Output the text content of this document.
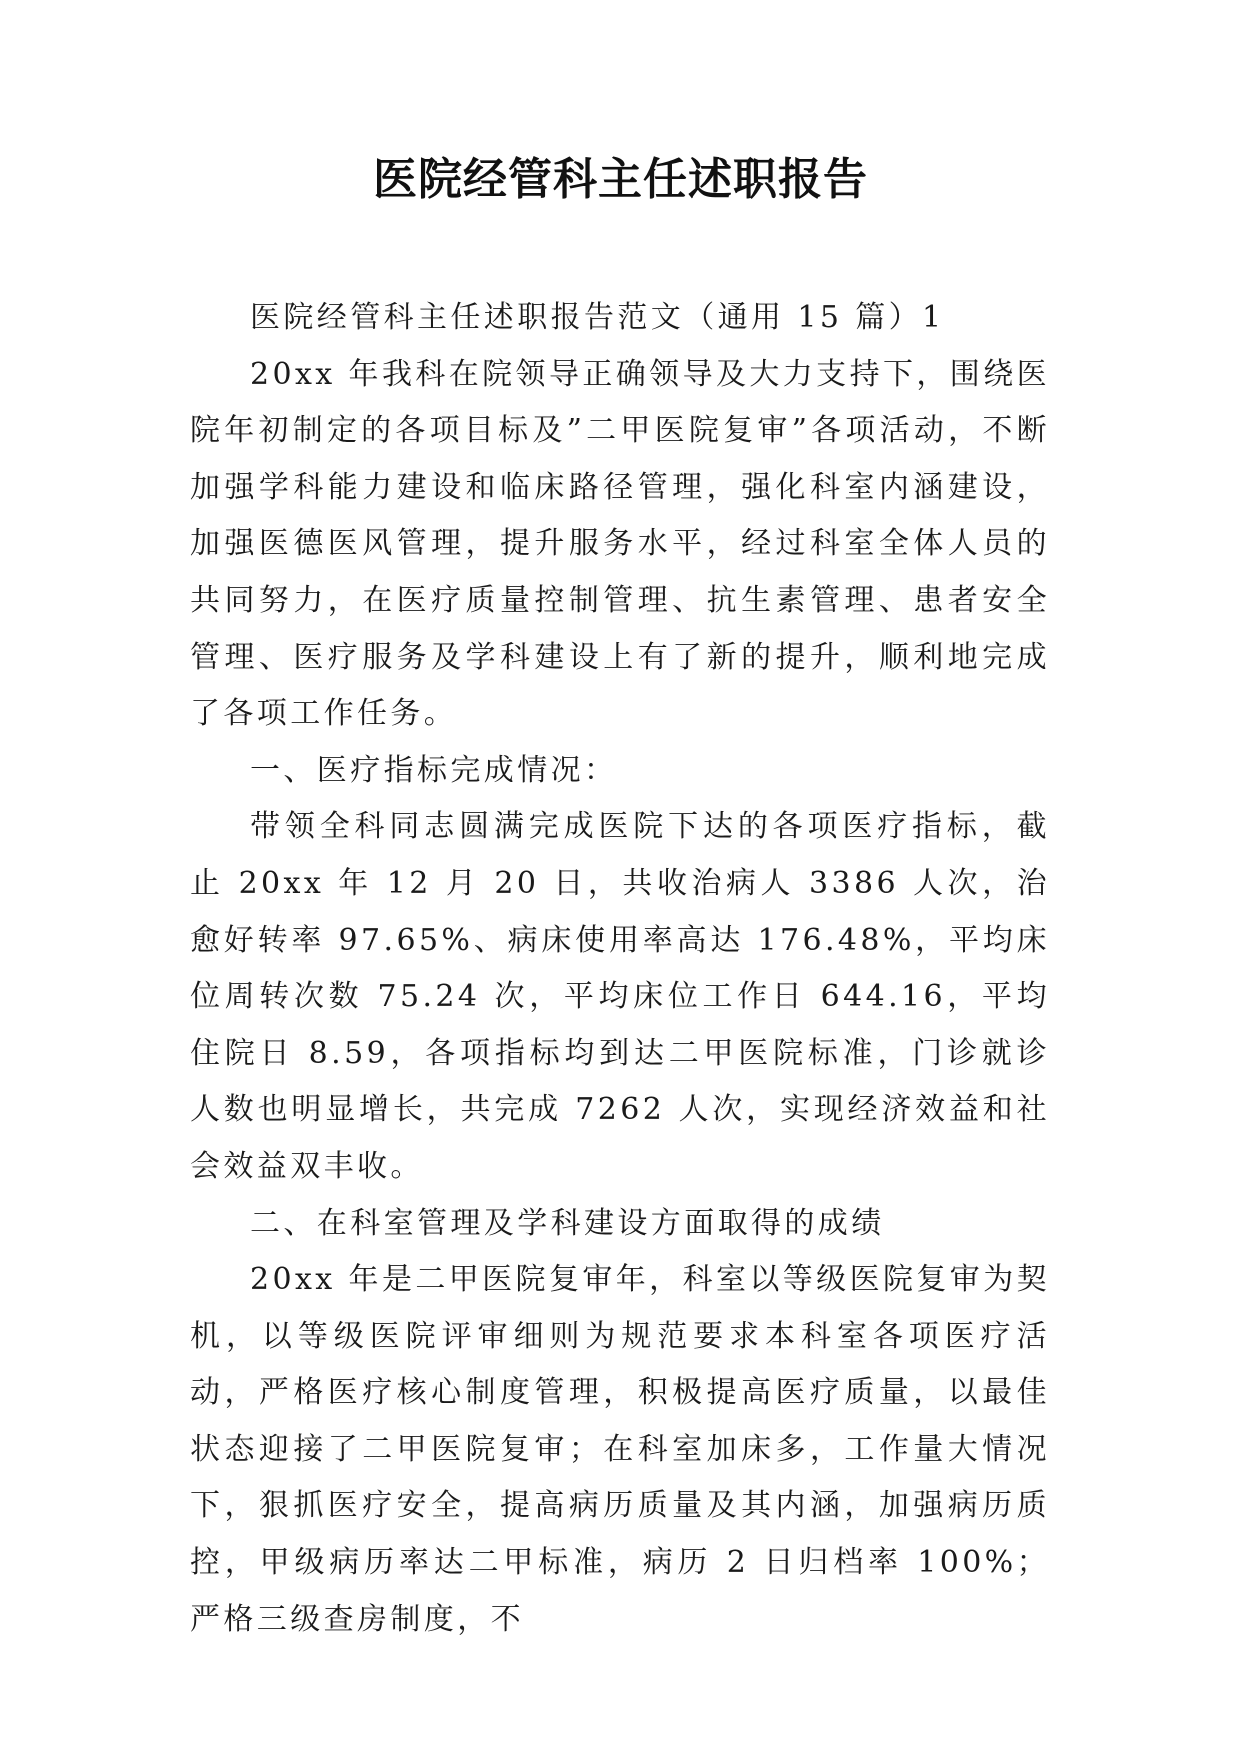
医院经管科主任述职报告

医院经管科主任述职报告范文（通用 15 篇）1

20xx 年我科在院领导正确领导及大力支持下，围绕医院年初制定的各项目标及”二甲医院复审”各项活动，不断加强学科能力建设和临床路径管理，强化科室内涵建设，加强医德医风管理，提升服务水平，经过科室全体人员的共同努力，在医疗质量控制管理、抗生素管理、患者安全管理、医疗服务及学科建设上有了新的提升，顺利地完成了各项工作任务。

一、医疗指标完成情况：

带领全科同志圆满完成医院下达的各项医疗指标，截止 20xx 年 12 月 20 日，共收治病人 3386 人次，治愈好转率 97.65%、病床使用率高达 176.48%，平均床位周转次数 75.24 次，平均床位工作日 644.16，平均住院日 8.59，各项指标均到达二甲医院标准，门诊就诊人数也明显增长，共完成 7262 人次，实现经济效益和社会效益双丰收。

二、在科室管理及学科建设方面取得的成绩

20xx 年是二甲医院复审年，科室以等级医院复审为契机，以等级医院评审细则为规范要求本科室各项医疗活动，严格医疗核心制度管理，积极提高医疗质量，以最佳状态迎接了二甲医院复审；在科室加床多，工作量大情况下，狠抓医疗安全，提高病历质量及其内涵，加强病历质控，甲级病历率达二甲标准，病历 2 日归档率 100%；严格三级查房制度，不
